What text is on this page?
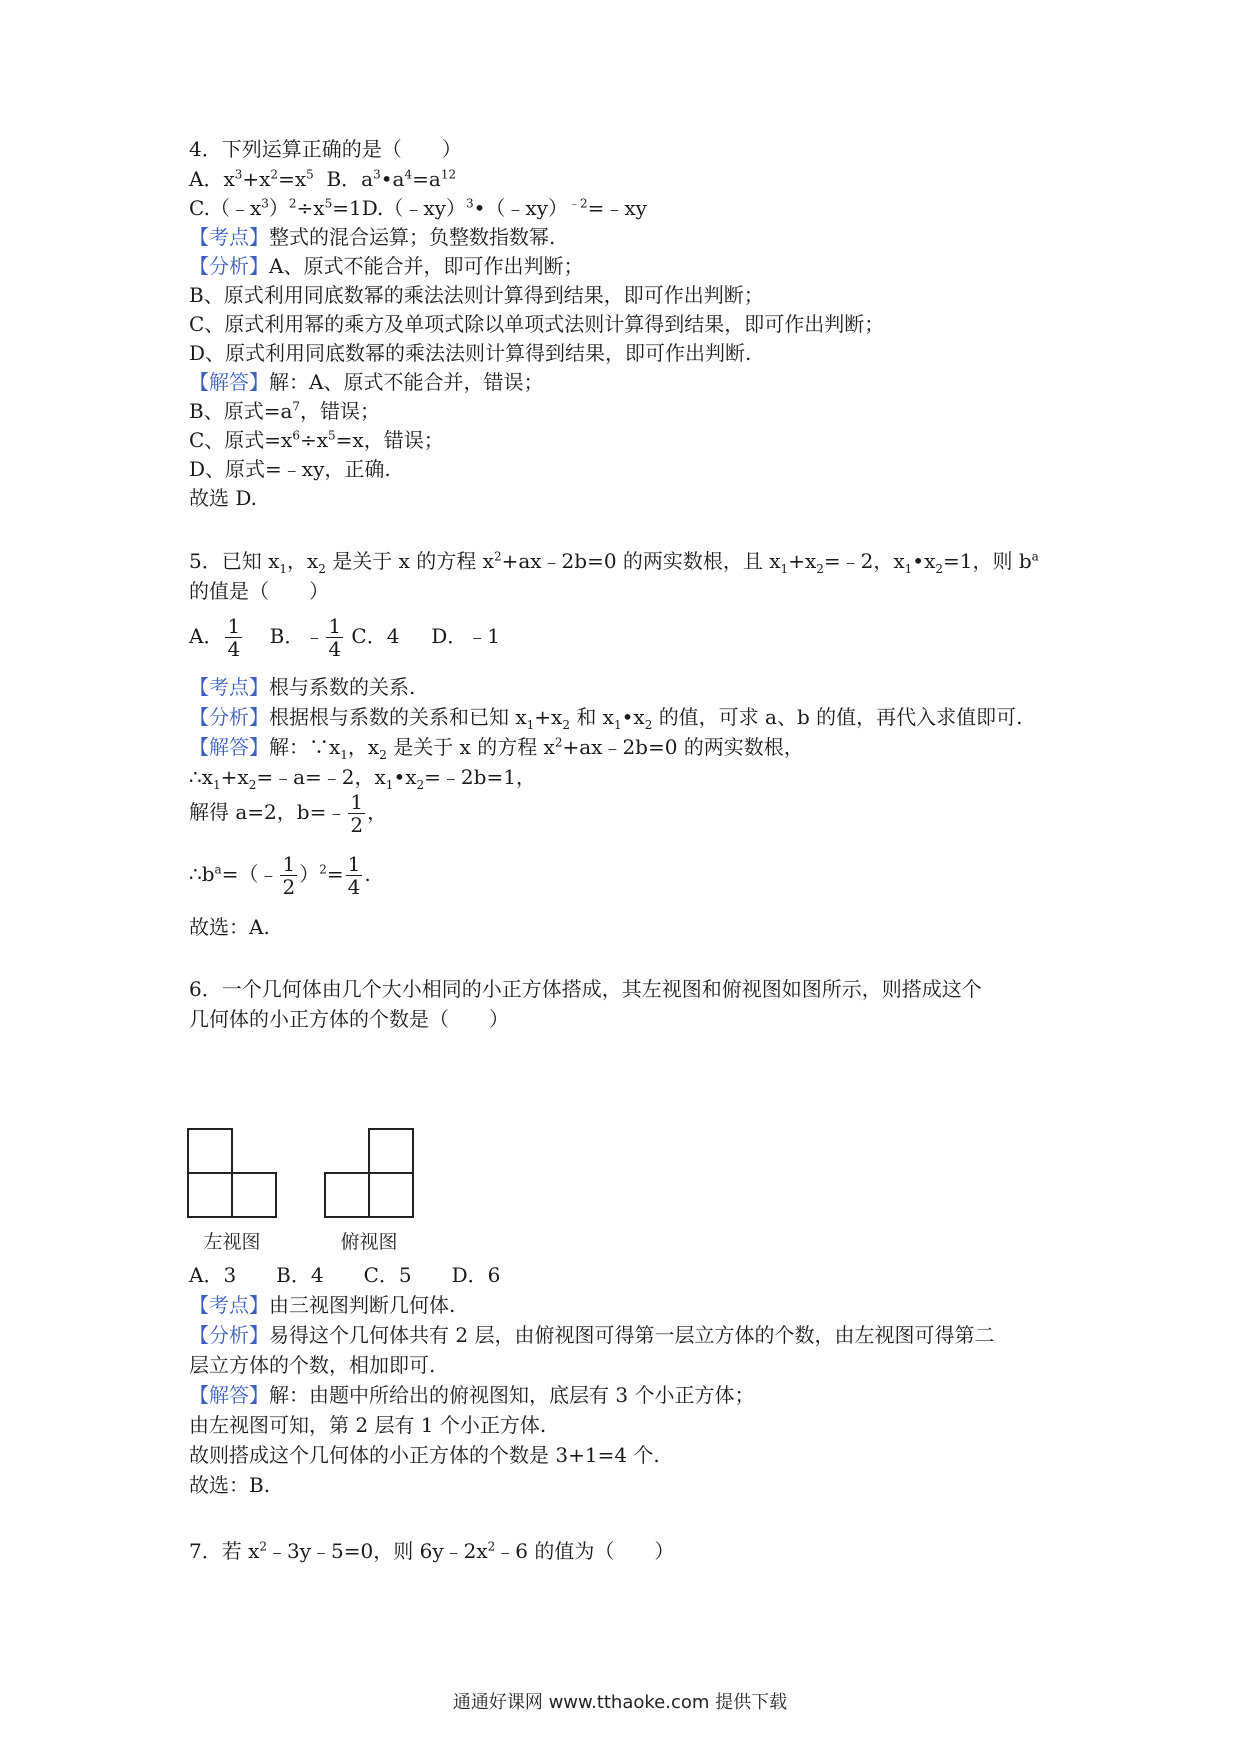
4．下列运算正确的是（　　）
A．$x^3+x^2=x^5$ B．$a^3•a^4=a^{12}$
$C.(﹣x^3)^2\div x^5=1D.(﹣xy)^3•(﹣xy)^{﹣2}=﹣xy$
【考点】整式的混合运算；负整数指数幂.
【分析】A、原式不能合并，即可作出判断；
B、原式利用同底数幂的乘法法则计算得到结果，即可作出判断；
C、原式利用幂的乘方及单项式除以单项式法则计算得到结果，即可作出判断；
D、原式利用同底数幂的乘法法则计算得到结果，即可作出判断.
【解答】解：A、原式不能合并，错误；
B、原式$=a^7$，错误；
C、原式$=x^6\div x^5=x$，错误；
D、原式=﹣xy，正确.
故选 D.
5．已知 $x_1$，$x_2$ 是关于 x 的方程 $x^2+ax﹣2b=0$ 的两实数根，且 $x_1+x_2=﹣2$，$x_1•x_2=1$，则 $b^a$
的值是（　　）
A． $\frac{1}{4}$ B．﹣ $\frac{1}{4}$ C．4 D．﹣1
【考点】根与系数的关系.
【分析】根据根与系数的关系和已知 $x_1+x_2$ 和 $x_1•x_2$ 的值，可求 a、b 的值，再代入求值即可.
【解答】解：$\because x_1$，$x_2$ 是关于 x 的方程 $x^2+ax﹣2b=0$ 的两实数根，
$\therefore x_1+x_2=﹣a=﹣2$，$x_1•x_2=﹣2b=1$，
解得 a=2，b=﹣ $\frac{1}{2}$ ，
$\therefore b^a=(﹣ \frac{1}{2} )^2= \frac{1}{4}$ .
故选：A.
6．一个几何体由几个大小相同的小正方体搭成，其左视图和俯视图如图所示，则搭成这个
几何体的小正方体的个数是（　　）
左视图	俯视图
A．3　　B．4　　C．5　　D．6
【考点】由三视图判断几何体.
【分析】易得这个几何体共有 2 层，由俯视图可得第一层立方体的个数，由左视图可得第二
层立方体的个数，相加即可.
【解答】解：由题中所给出的俯视图知，底层有 3 个小正方体；
由左视图可知，第 2 层有 1 个小正方体.
故则搭成这个几何体的小正方体的个数是 3+1=4 个.
故选：B.
7．若 $x^2﹣3y﹣5=0$，则 $6y﹣2x^2﹣6$ 的值为（　　）
通通好课网 www.tthaoke.com 提供下载
